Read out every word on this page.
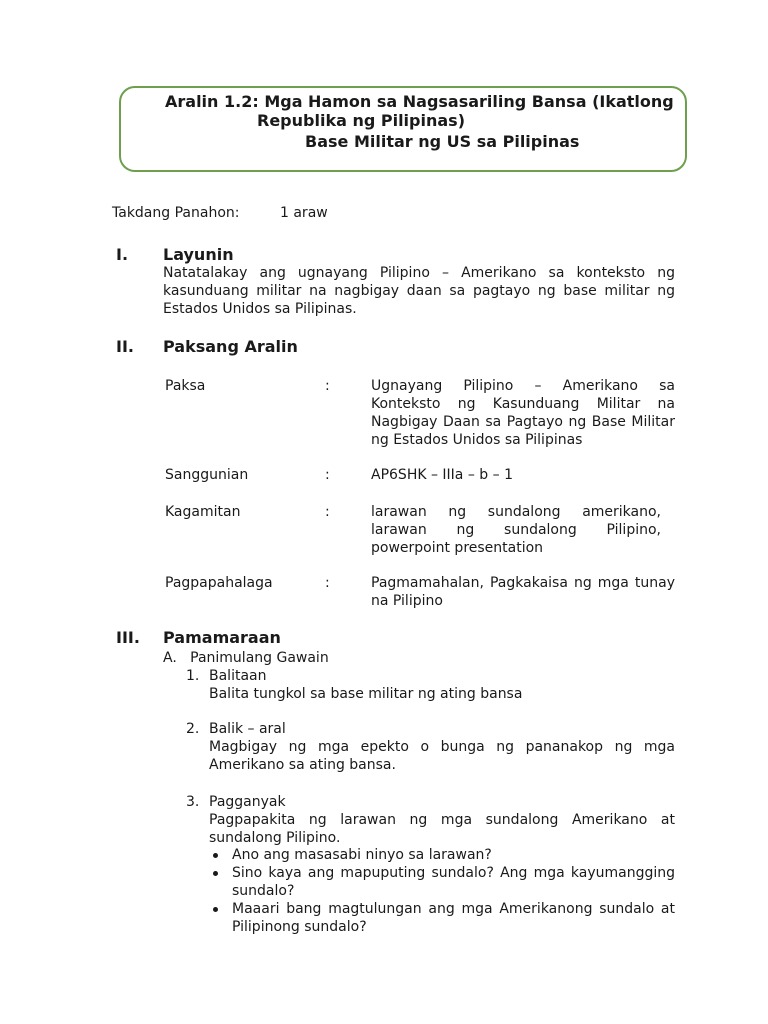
Aralin 1.2: Mga Hamon sa Nagsasariling Bansa (Ikatlong
Republika ng Pilipinas)
Base Militar ng US sa Pilipinas
Takdang Panahon:	1 araw
I. Layunin
Natatalakay ang ugnayang Pilipino – Amerikano sa konteksto ng kasunduang militar na nagbigay daan sa pagtayo ng base militar ng Estados Unidos sa Pilipinas.
II. Paksang Aralin
Paksa	:	Ugnayang Pilipino – Amerikano sa Konteksto ng Kasunduang Militar na Nagbigay Daan sa Pagtayo ng Base Militar ng Estados Unidos sa Pilipinas
Sanggunian	:	AP6SHK – IIIa – b – 1
Kagamitan	:	larawan ng sundalong amerikano, larawan ng sundalong Pilipino, powerpoint presentation
Pagpapahalaga	:	Pagmamahalan, Pagkakaisa ng mga tunay na Pilipino
III. Pamamaraan
A.   Panimulang Gawain
1. Balitaan
Balita tungkol sa base militar ng ating bansa
2. Balik – aral
Magbigay ng mga epekto o bunga ng pananakop ng mga Amerikano sa ating bansa.
3. Pagganyak
Pagpapakita ng larawan ng mga sundalong Amerikano at sundalong Pilipino.
Ano ang masasabi ninyo sa larawan?
Sino kaya ang mapuputing sundalo? Ang mga kayumangging sundalo?
Maaari bang magtulungan ang mga Amerikanong sundalo at Pilipinong sundalo?
